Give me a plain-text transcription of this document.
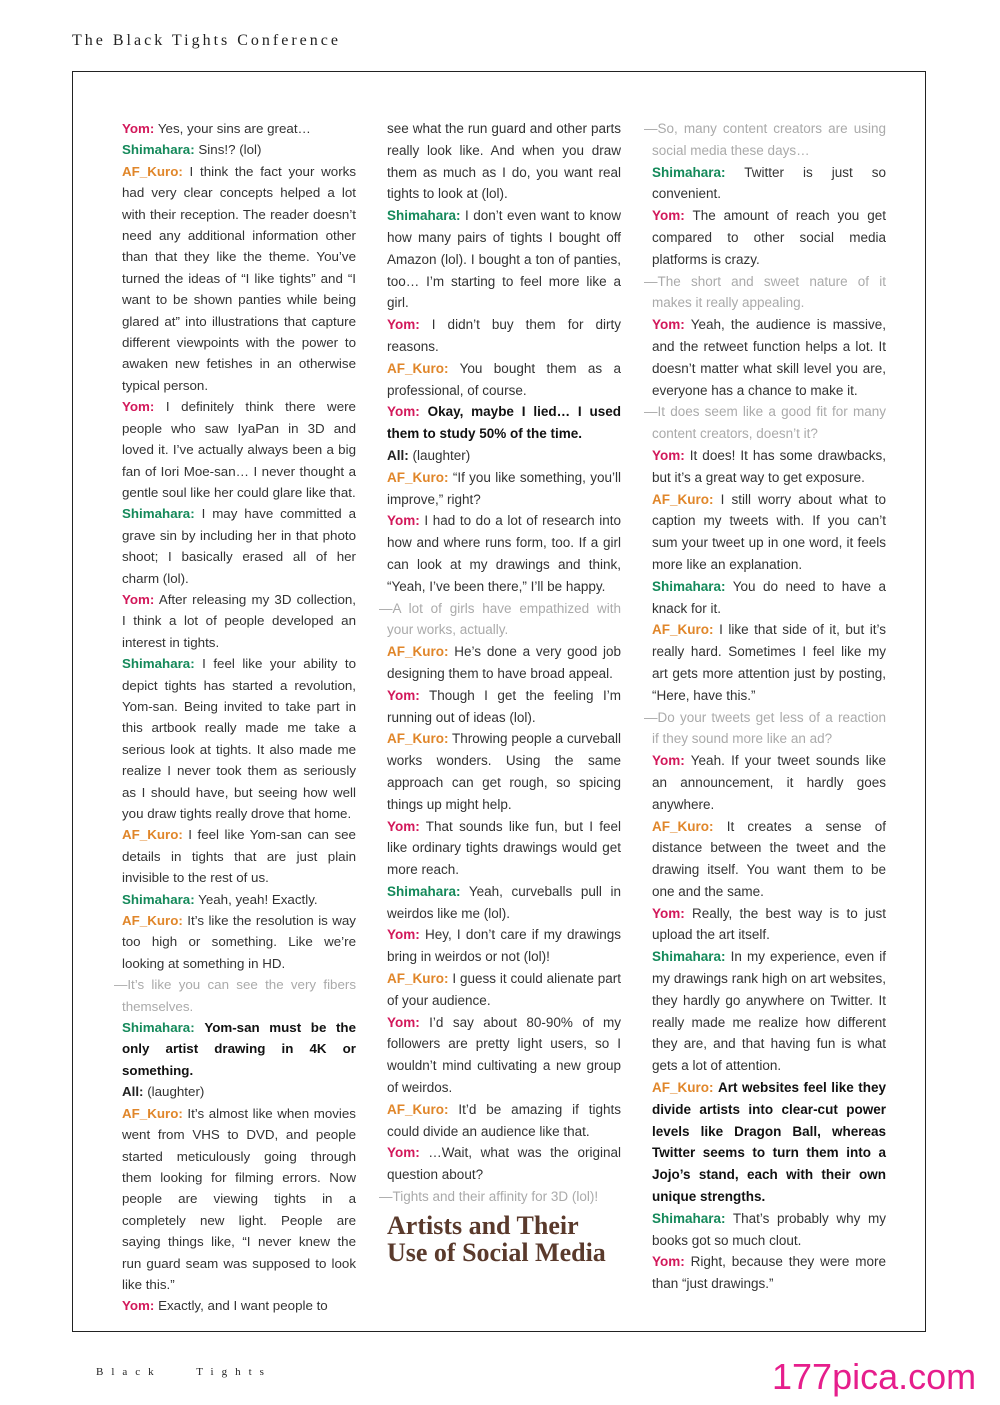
The Black Tights Conference

Yom: Yes, your sins are great…

Shimahara: Sins!? (lol)

AF_Kuro: I think the fact your works had very clear concepts helped a lot with their reception. The reader doesn’t need any additional information other than that they like the theme. You’ve turned the ideas of “I like tights” and “I want to be shown panties while being glared at” into illustrations that capture different viewpoints with the power to awaken new fetishes in an otherwise typical person.

Yom: I definitely think there were people who saw IyaPan in 3D and loved it. I’ve actually always been a big fan of Iori Moe-san… I never thought a gentle soul like her could glare like that.

Shimahara: I may have committed a grave sin by including her in that photo shoot; I basically erased all of her charm (lol).

Yom: After releasing my 3D collection, I think a lot of people developed an interest in tights.

Shimahara: I feel like your ability to depict tights has started a revolution, Yom-san. Being invited to take part in this artbook really made me take a serious look at tights. It also made me realize I never took them as seriously as I should have, but seeing how well you draw tights really drove that home.

AF_Kuro: I feel like Yom-san can see details in tights that are just plain invisible to the rest of us.

Shimahara: Yeah, yeah! Exactly.

AF_Kuro: It’s like the resolution is way too high or something. Like we’re looking at something in HD.

—It’s like you can see the very fibers themselves.

Shimahara: Yom-san must be the only artist drawing in 4K or something.

All: (laughter)

AF_Kuro: It’s almost like when movies went from VHS to DVD, and people started meticulously going through them looking for filming errors. Now people are viewing tights in a completely new light. People are saying things like, “I never knew the run guard seam was supposed to look like this.”

Yom: Exactly, and I want people to

see what the run guard and other parts really look like. And when you draw them as much as I do, you want real tights to look at (lol).

Shimahara: I don’t even want to know how many pairs of tights I bought off Amazon (lol). I bought a ton of panties, too… I’m starting to feel more like a girl.

Yom: I didn’t buy them for dirty reasons.

AF_Kuro: You bought them as a professional, of course.

Yom: Okay, maybe I lied… I used them to study 50% of the time.

All: (laughter)

AF_Kuro: “If you like something, you’ll improve,” right?

Yom: I had to do a lot of research into how and where runs form, too. If a girl can look at my drawings and think, “Yeah, I’ve been there,” I’ll be happy.

—A lot of girls have empathized with your works, actually.

AF_Kuro: He’s done a very good job designing them to have broad appeal.

Yom: Though I get the feeling I’m running out of ideas (lol).

AF_Kuro: Throwing people a curveball works wonders. Using the same approach can get rough, so spicing things up might help.

Yom: That sounds like fun, but I feel like ordinary tights drawings would get more reach.

Shimahara: Yeah, curveballs pull in weirdos like me (lol).

Yom: Hey, I don’t care if my drawings bring in weirdos or not (lol)!

AF_Kuro: I guess it could alienate part of your audience.

Yom: I’d say about 80-90% of my followers are pretty light users, so I wouldn’t mind cultivating a new group of weirdos.

AF_Kuro: It’d be amazing if tights could divide an audience like that.

Yom: …Wait, what was the original question about?

—Tights and their affinity for 3D (lol)!

Artists and Their Use of Social Media

—So, many content creators are using social media these days…

Shimahara: Twitter is just so convenient.

Yom: The amount of reach you get compared to other social media platforms is crazy.

—The short and sweet nature of it makes it really appealing.

Yom: Yeah, the audience is massive, and the retweet function helps a lot. It doesn’t matter what skill level you are, everyone has a chance to make it.

—It does seem like a good fit for many content creators, doesn’t it?

Yom: It does! It has some drawbacks, but it’s a great way to get exposure.

AF_Kuro: I still worry about what to caption my tweets with. If you can’t sum your tweet up in one word, it feels more like an explanation.

Shimahara: You do need to have a knack for it.

AF_Kuro: I like that side of it, but it’s really hard. Sometimes I feel like my art gets more attention just by posting, “Here, have this.”

—Do your tweets get less of a reaction if they sound more like an ad?

Yom: Yeah. If your tweet sounds like an announcement, it hardly goes anywhere.

AF_Kuro: It creates a sense of distance between the tweet and the drawing itself. You want them to be one and the same.

Yom: Really, the best way is to just upload the art itself.

Shimahara: In my experience, even if my drawings rank high on art websites, they hardly go anywhere on Twitter. It really made me realize how different they are, and that having fun is what gets a lot of attention.

AF_Kuro: Art websites feel like they divide artists into clear-cut power levels like Dragon Ball, whereas Twitter seems to turn them into a Jojo’s stand, each with their own unique strengths.

Shimahara: That’s probably why my books got so much clout.

Yom: Right, because they were more than “just drawings.”

Black Tights	177pica.com
